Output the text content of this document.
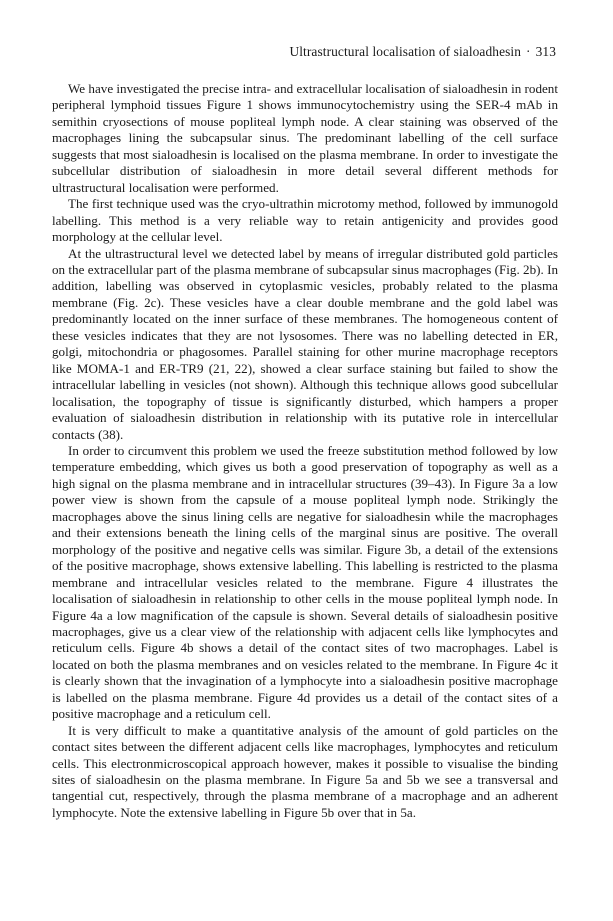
Ultrastructural localisation of sialoadhesin · 313

We have investigated the precise intra- and extracellular localisation of sialoadhesin in rodent peripheral lymphoid tissues Figure 1 shows immunocytochemistry using the SER-4 mAb in semithin cryosections of mouse popliteal lymph node. A clear staining was observed of the macrophages lining the subcapsular sinus. The predominant labelling of the cell surface suggests that most sialoadhesin is localised on the plasma membrane. In order to investigate the subcellular distribution of sialoadhesin in more detail several different methods for ultrastructural localisation were performed.

The first technique used was the cryo-ultrathin microtomy method, followed by immunogold labelling. This method is a very reliable way to retain antigenicity and provides good morphology at the cellular level.

At the ultrastructural level we detected label by means of irregular distributed gold particles on the extracellular part of the plasma membrane of subcapsular sinus macrophages (Fig. 2b). In addition, labelling was observed in cytoplasmic vesicles, probably related to the plasma membrane (Fig. 2c). These vesicles have a clear double membrane and the gold label was predominantly located on the inner surface of these membranes. The homogeneous content of these vesicles indicates that they are not lysosomes. There was no labelling detected in ER, golgi, mitochondria or phagosomes. Parallel staining for other murine macrophage receptors like MOMA-1 and ER-TR9 (21, 22), showed a clear surface staining but failed to show the intracellular labelling in vesicles (not shown). Although this technique allows good subcellular localisation, the topography of tissue is significantly disturbed, which hampers a proper evaluation of sialoadhesin distribution in relationship with its putative role in intercellular contacts (38).

In order to circumvent this problem we used the freeze substitution method followed by low temperature embedding, which gives us both a good preservation of topography as well as a high signal on the plasma membrane and in intracellular structures (39–43). In Figure 3a a low power view is shown from the capsule of a mouse popliteal lymph node. Strikingly the macrophages above the sinus lining cells are negative for sialoadhesin while the macrophages and their extensions beneath the lining cells of the marginal sinus are positive. The overall morphology of the positive and negative cells was similar. Figure 3b, a detail of the extensions of the positive macrophage, shows extensive labelling. This labelling is restricted to the plasma membrane and intracellular vesicles related to the membrane. Figure 4 illustrates the localisation of sialoadhesin in relationship to other cells in the mouse popliteal lymph node. In Figure 4a a low magnification of the capsule is shown. Several details of sialoadhesin positive macrophages, give us a clear view of the relationship with adjacent cells like lymphocytes and reticulum cells. Figure 4b shows a detail of the contact sites of two macrophages. Label is located on both the plasma membranes and on vesicles related to the membrane. In Figure 4c it is clearly shown that the invagination of a lymphocyte into a sialoadhesin positive macrophage is labelled on the plasma membrane. Figure 4d provides us a detail of the contact sites of a positive macrophage and a reticulum cell.

It is very difficult to make a quantitative analysis of the amount of gold particles on the contact sites between the different adjacent cells like macrophages, lymphocytes and reticulum cells. This electronmicroscopical approach however, makes it possible to visualise the binding sites of sialoadhesin on the plasma membrane. In Figure 5a and 5b we see a transversal and tangential cut, respectively, through the plasma membrane of a macrophage and an adherent lymphocyte. Note the extensive labelling in Figure 5b over that in 5a.
